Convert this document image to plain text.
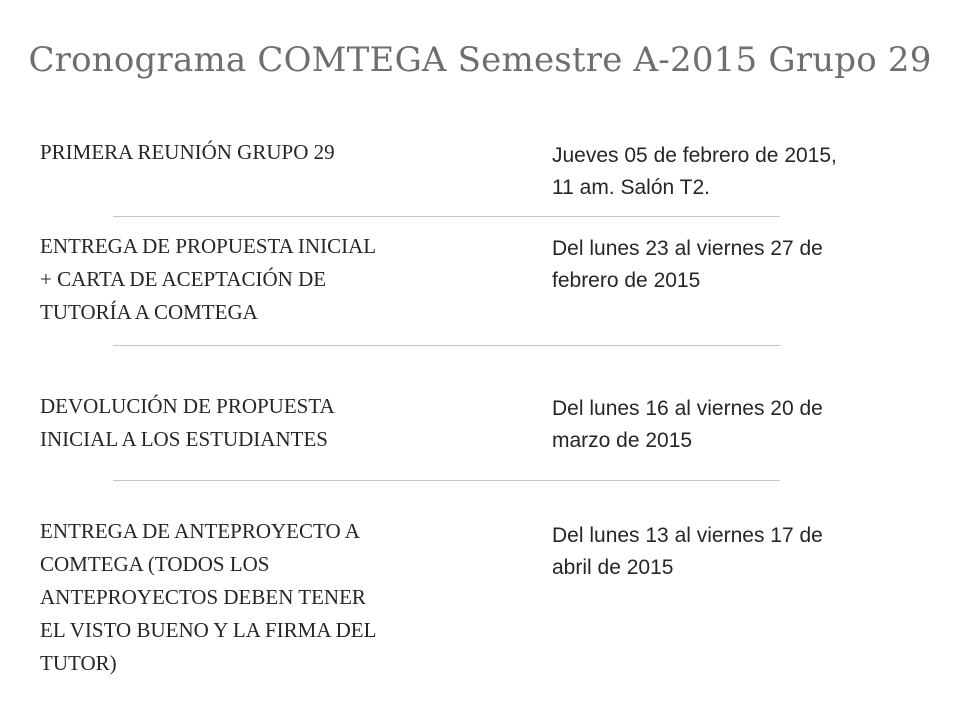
Cronograma COMTEGA Semestre A-2015 Grupo 29
PRIMERA REUNIÓN GRUPO 29	Jueves 05 de febrero de 2015,
11 am. Salón T2.
ENTREGA DE PROPUESTA INICIAL
+ CARTA DE ACEPTACIÓN DE
TUTORÍA A COMTEGA
Del lunes 23 al viernes 27 de
febrero de 2015
DEVOLUCIÓN DE PROPUESTA
INICIAL A LOS ESTUDIANTES
Del lunes 16 al viernes 20 de
marzo de 2015
ENTREGA DE ANTEPROYECTO A
COMTEGA (TODOS LOS
ANTEPROYECTOS DEBEN TENER
EL VISTO BUENO Y LA FIRMA DEL
TUTOR)
Del lunes 13 al viernes 17 de
abril de 2015
